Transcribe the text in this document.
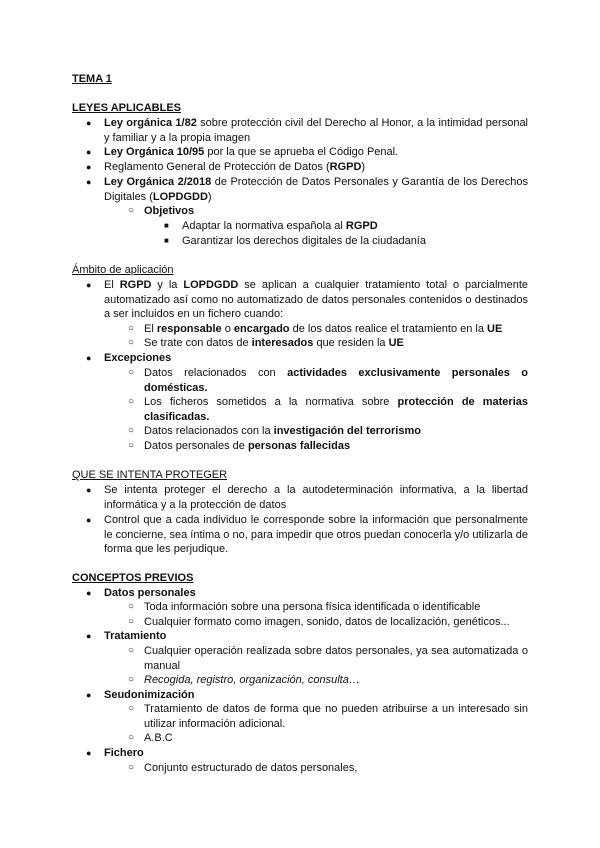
TEMA 1
LEYES APLICABLES
● Ley orgánica 1/82 sobre protección civil del Derecho al Honor, a la intimidad personal y familiar y a la propia imagen
● Ley Orgánica 10/95 por la que se aprueba el Código Penal.
● Reglamento General de Protección de Datos (RGPD)
● Ley Orgánica 2/2018 de Protección de Datos Personales y Garantía de los Derechos Digitales (LOPDGDD)
○ Objetivos
■ Adaptar la normativa española al RGPD
■ Garantizar los derechos digitales de la ciudadanía
Ámbito de aplicación
● El RGPD y la LOPDGDD se aplican a cualquier tratamiento total o parcialmente automatizado así como no automatizado de datos personales contenidos o destinados a ser incluidos en un fichero cuando:
○ El responsable o encargado de los datos realice el tratamiento en la UE
○ Se trate con datos de interesados que residen la UE
● Excepciones
○ Datos relacionados con actividades exclusivamente personales o domésticas.
○ Los ficheros sometidos a la normativa sobre protección de materias clasificadas.
○ Datos relacionados con la investigación del terrorismo
○ Datos personales de personas fallecidas
QUE SE INTENTA PROTEGER
● Se intenta proteger el derecho a la autodeterminación informativa, a la libertad informática y a la protección de datos
● Control que a cada individuo le corresponde sobre la información que personalmente le concierne, sea íntima o no, para impedir que otros puedan conocerla y/o utilizarla de forma que les perjudique.
CONCEPTOS PREVIOS
● Datos personales
○ Toda información sobre una persona física identificada o identificable
○ Cualquier formato como imagen, sonido, datos de localización, genéticos...
● Tratamiento
○ Cualquier operación realizada sobre datos personales, ya sea automatizada o manual
○ Recogida, registro, organización, consulta…
● Seudonimización
○ Tratamiento de datos de forma que no pueden atribuirse a un interesado sin utilizar información adicional.
○ A.B.C
● Fichero
○ Conjunto estructurado de datos personales,
